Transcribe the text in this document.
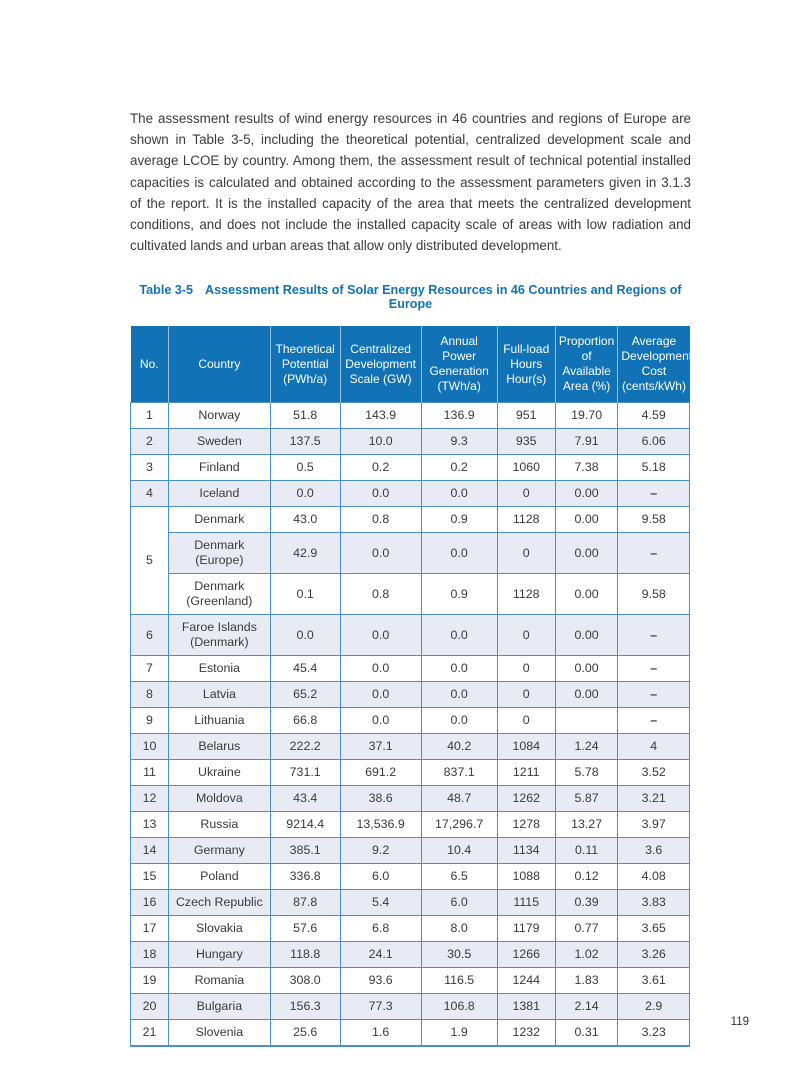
The assessment results of wind energy resources in 46 countries and regions of Europe are shown in Table 3-5, including the theoretical potential, centralized development scale and average LCOE by country. Among them, the assessment result of technical potential installed capacities is calculated and obtained according to the assessment parameters given in 3.1.3 of the report. It is the installed capacity of the area that meets the centralized development conditions, and does not include the installed capacity scale of areas with low radiation and cultivated lands and urban areas that allow only distributed development.

Table 3-5 Assessment Results of Solar Energy Resources in 46 Countries and Regions of Europe
No.	Country	Theoretical Potential (PWh/a)	Centralized Development Scale (GW)	Annual Power Generation (TWh/a)	Full-load Hours Hour(s)	Proportion of Available Area (%)	Average Development Cost (cents/kWh)
1	Norway	51.8	143.9	136.9	951	19.70	4.59
2	Sweden	137.5	10.0	9.3	935	7.91	6.06
3	Finland	0.5	0.2	0.2	1060	7.38	5.18
4	Iceland	0.0	0.0	0.0	0	0.00	–
5	Denmark	43.0	0.8	0.9	1128	0.00	9.58
	Denmark (Europe)	42.9	0.0	0.0	0	0.00	–
	Denmark (Greenland)	0.1	0.8	0.9	1128	0.00	9.58
6	Faroe Islands (Denmark)	0.0	0.0	0.0	0	0.00	–
7	Estonia	45.4	0.0	0.0	0	0.00	–
8	Latvia	65.2	0.0	0.0	0	0.00	–
9	Lithuania	66.8	0.0	0.0	0		–
10	Belarus	222.2	37.1	40.2	1084	1.24	4
11	Ukraine	731.1	691.2	837.1	1211	5.78	3.52
12	Moldova	43.4	38.6	48.7	1262	5.87	3.21
13	Russia	9214.4	13,536.9	17,296.7	1278	13.27	3.97
14	Germany	385.1	9.2	10.4	1134	0.11	3.6
15	Poland	336.8	6.0	6.5	1088	0.12	4.08
16	Czech Republic	87.8	5.4	6.0	1115	0.39	3.83
17	Slovakia	57.6	6.8	8.0	1179	0.77	3.65
18	Hungary	118.8	24.1	30.5	1266	1.02	3.26
19	Romania	308.0	93.6	116.5	1244	1.83	3.61
20	Bulgaria	156.3	77.3	106.8	1381	2.14	2.9
21	Slovenia	25.6	1.6	1.9	1232	0.31	3.23
119
